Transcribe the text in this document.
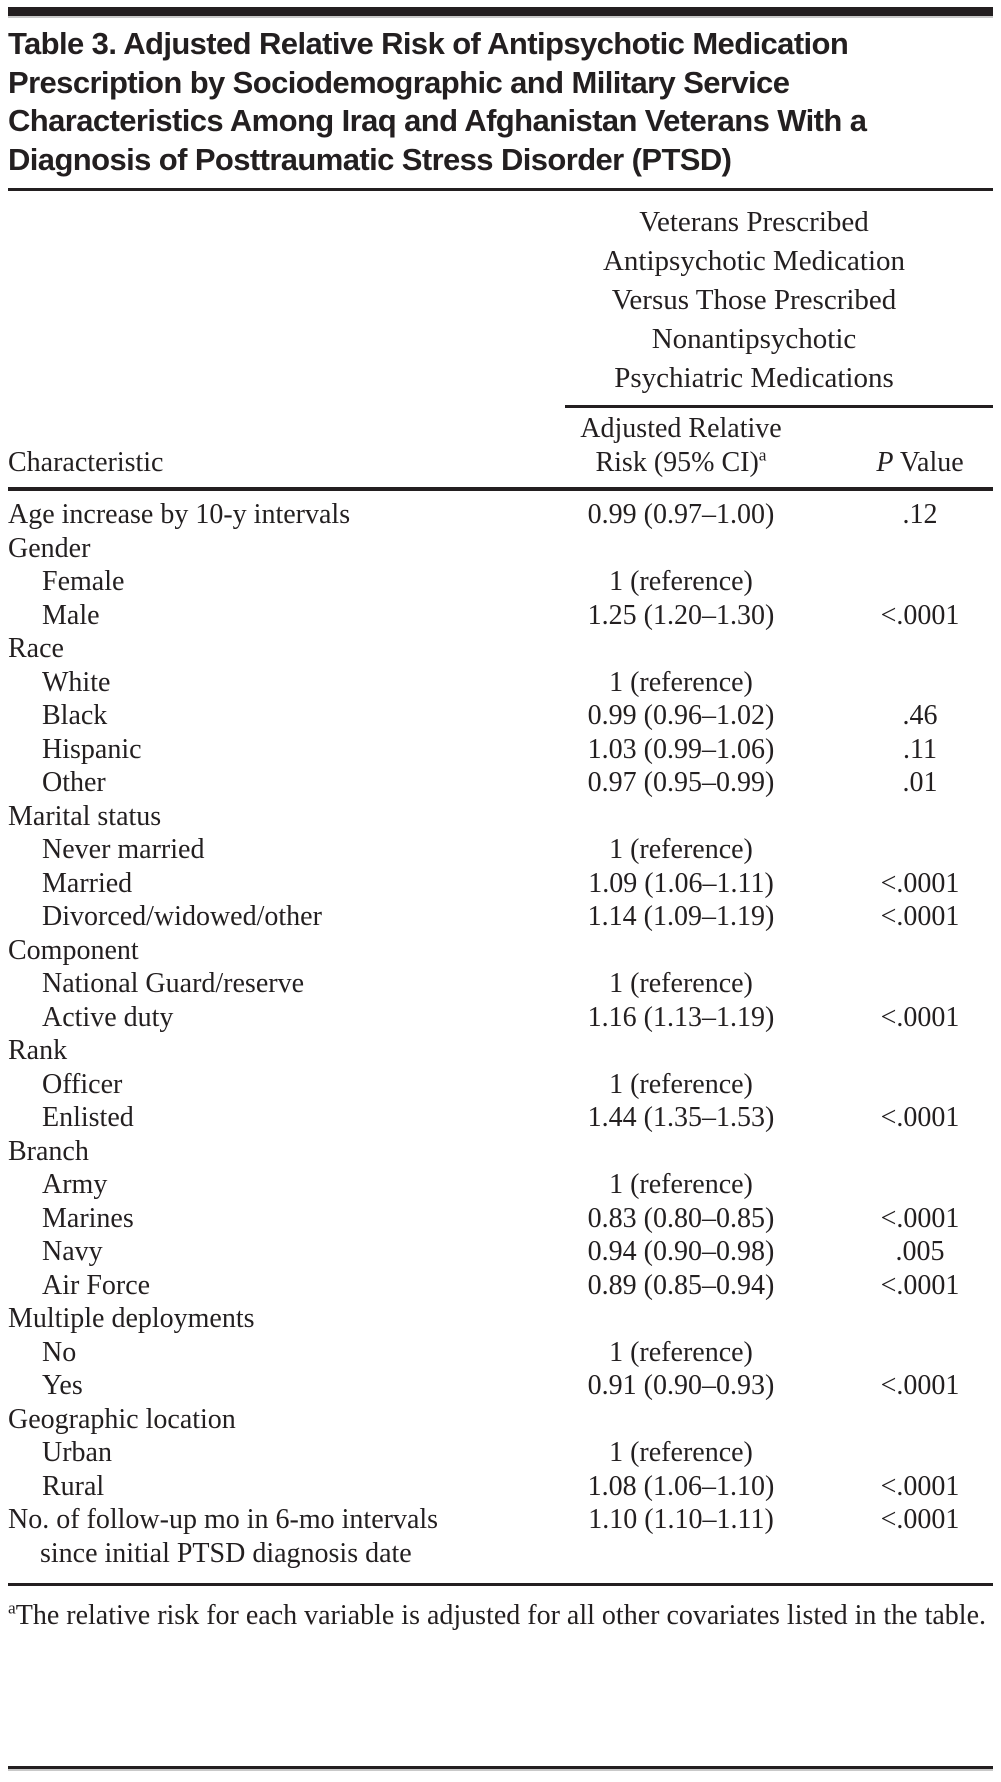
Table 3. Adjusted Relative Risk of Antipsychotic Medication
Prescription by Sociodemographic and Military Service
Characteristics Among Iraq and Afghanistan Veterans With a
Diagnosis of Posttraumatic Stress Disorder (PTSD)
Veterans Prescribed
Antipsychotic Medication
Versus Those Prescribed
Nonantipsychotic
Psychiatric Medications
Characteristic
Adjusted Relative
Risk (95% CI)$^a$	P Value
Age increase by 10-y intervals	0.99 (0.97–1.00)	.12
Gender
Female	1 (reference)
Male	1.25 (1.20–1.30)	<.0001
Race
White	1 (reference)
Black	0.99 (0.96–1.02)	.46
Hispanic	1.03 (0.99–1.06)	.11
Other	0.97 (0.95–0.99)	.01
Marital status
Never married	1 (reference)
Married	1.09 (1.06–1.11)	<.0001
Divorced/widowed/other	1.14 (1.09–1.19)	<.0001
Component
National Guard/reserve	1 (reference)
Active duty	1.16 (1.13–1.19)	<.0001
Rank
Officer	1 (reference)
Enlisted	1.44 (1.35–1.53)	<.0001
Branch
Army	1 (reference)
Marines	0.83 (0.80–0.85)	<.0001
Navy	0.94 (0.90–0.98)	.005
Air Force	0.89 (0.85–0.94)	<.0001
Multiple deployments
No	1 (reference)
Yes	0.91 (0.90–0.93)	<.0001
Geographic location
Urban	1 (reference)
Rural	1.08 (1.06–1.10)	<.0001
No. of follow-up mo in 6-mo intervals
since initial PTSD diagnosis date
1.10 (1.10–1.11)	<.0001
$^a$The relative risk for each variable is adjusted for all other covariates listed in the table.
